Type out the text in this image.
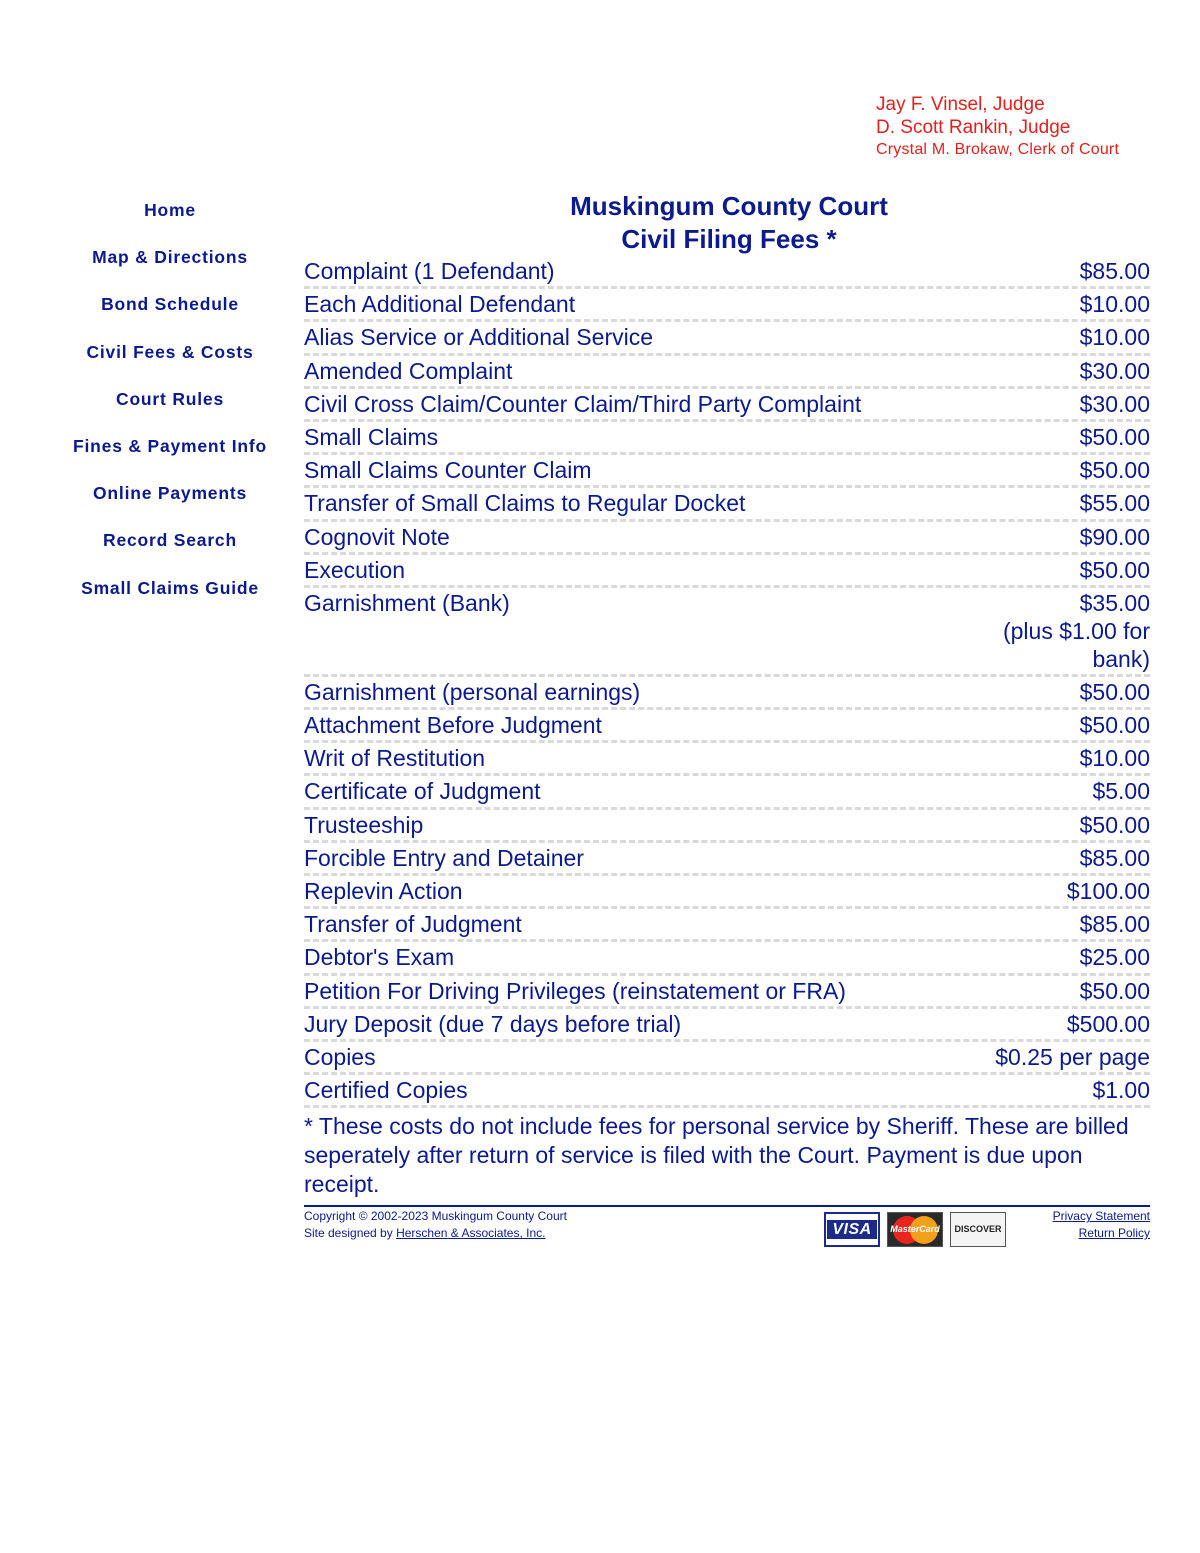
Jay F. Vinsel, Judge
D. Scott Rankin, Judge
Crystal M. Brokaw, Clerk of Court
Home
Map & Directions
Bond Schedule
Civil Fees & Costs
Court Rules
Fines & Payment Info
Online Payments
Record Search
Small Claims Guide
Muskingum County Court
Civil Filing Fees *
Complaint (1 Defendant)	$85.00
Each Additional Defendant	$10.00
Alias Service or Additional Service	$10.00
Amended Complaint	$30.00
Civil Cross Claim/Counter Claim/Third Party Complaint	$30.00
Small Claims	$50.00
Small Claims Counter Claim	$50.00
Transfer of Small Claims to Regular Docket	$55.00
Cognovit Note	$90.00
Execution	$50.00
Garnishment (Bank)	$35.00
(plus $1.00 for bank)
Garnishment (personal earnings)	$50.00
Attachment Before Judgment	$50.00
Writ of Restitution	$10.00
Certificate of Judgment	$5.00
Trusteeship	$50.00
Forcible Entry and Detainer	$85.00
Replevin Action	$100.00
Transfer of Judgment	$85.00
Debtor's Exam	$25.00
Petition For Driving Privileges (reinstatement or FRA)	$50.00
Jury Deposit (due 7 days before trial)	$500.00
Copies	$0.25 per page
Certified Copies	$1.00
* These costs do not include fees for personal service by Sheriff. These are billed seperately after return of service is filed with the Court. Payment is due upon receipt.
Copyright © 2002-2023 Muskingum County Court
Site designed by Herschen & Associates, Inc.	VISA	MasterCard DISCOVER
Privacy Statement
Return Policy
